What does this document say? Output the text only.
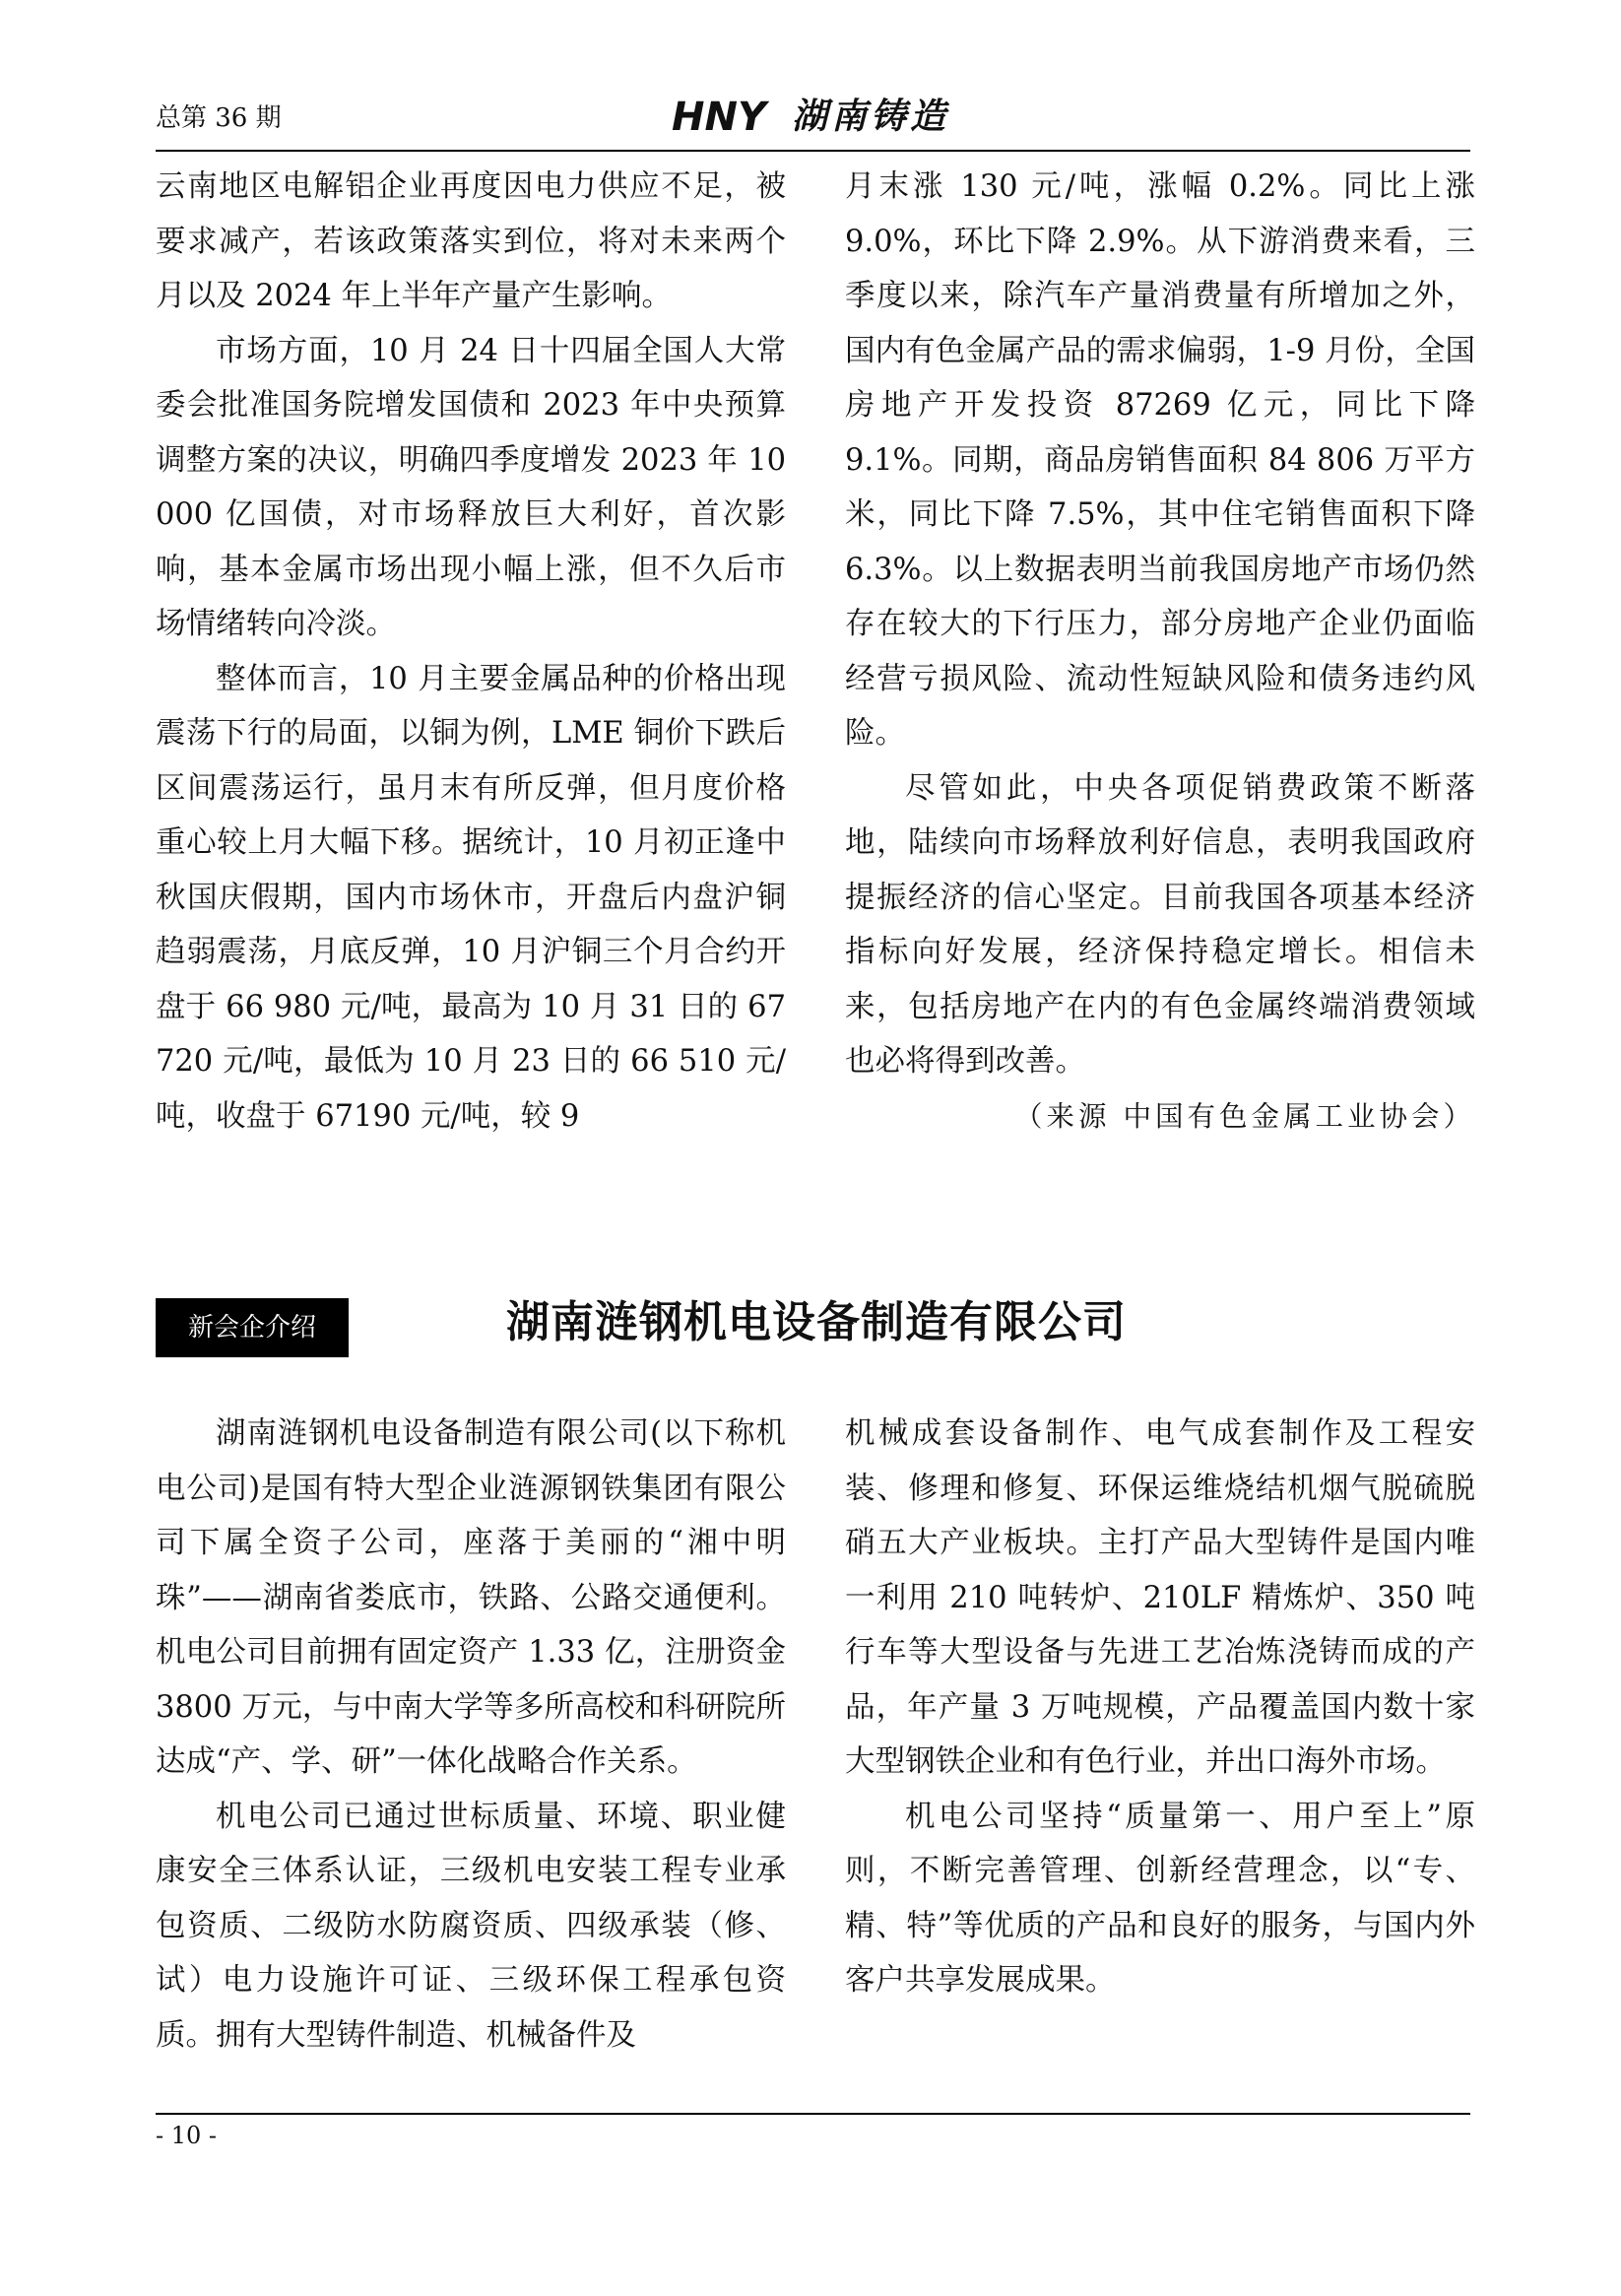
总第 36 期	HNY 湖南铸造

云南地区电解铝企业再度因电力供应不足，被要求减产，若该政策落实到位，将对未来两个月以及 2024 年上半年产量产生影响。

市场方面，10 月 24 日十四届全国人大常委会批准国务院增发国债和 2023 年中央预算调整方案的决议，明确四季度增发 2023 年 10 000 亿国债，对市场释放巨大利好，首次影响，基本金属市场出现小幅上涨，但不久后市场情绪转向冷淡。

整体而言，10 月主要金属品种的价格出现震荡下行的局面，以铜为例，LME 铜价下跌后区间震荡运行，虽月末有所反弹，但月度价格重心较上月大幅下移。据统计，10 月初正逢中秋国庆假期，国内市场休市，开盘后内盘沪铜趋弱震荡，月底反弹，10 月沪铜三个月合约开盘于 66 980 元/吨，最高为 10 月 31 日的 67 720 元/吨，最低为 10 月 23 日的 66 510 元/吨，收盘于 67190 元/吨，较 9

月末涨 130 元/吨，涨幅 0.2%。同比上涨 9.0%，环比下降 2.9%。从下游消费来看，三季度以来，除汽车产量消费量有所增加之外，国内有色金属产品的需求偏弱，1-9 月份，全国房地产开发投资 87269 亿元，同比下降 9.1%。同期，商品房销售面积 84 806 万平方米，同比下降 7.5%，其中住宅销售面积下降 6.3%。以上数据表明当前我国房地产市场仍然存在较大的下行压力，部分房地产企业仍面临经营亏损风险、流动性短缺风险和债务违约风险。

尽管如此，中央各项促销费政策不断落地，陆续向市场释放利好信息，表明我国政府提振经济的信心坚定。目前我国各项基本经济指标向好发展，经济保持稳定增长。相信未来，包括房地产在内的有色金属终端消费领域也必将得到改善。

（来源 中国有色金属工业协会）
新会企介绍	湖南涟钢机电设备制造有限公司

湖南涟钢机电设备制造有限公司(以下称机电公司)是国有特大型企业涟源钢铁集团有限公司下属全资子公司，座落于美丽的“湘中明珠”——湖南省娄底市，铁路、公路交通便利。机电公司目前拥有固定资产 1.33 亿，注册资金 3800 万元，与中南大学等多所高校和科研院所达成“产、学、研”一体化战略合作关系。

机电公司已通过世标质量、环境、职业健康安全三体系认证，三级机电安装工程专业承包资质、二级防水防腐资质、四级承装（修、试）电力设施许可证、三级环保工程承包资质。拥有大型铸件制造、机械备件及

机械成套设备制作、电气成套制作及工程安装、修理和修复、环保运维烧结机烟气脱硫脱硝五大产业板块。主打产品大型铸件是国内唯一利用 210 吨转炉、210LF 精炼炉、350 吨行车等大型设备与先进工艺冶炼浇铸而成的产品，年产量 3 万吨规模，产品覆盖国内数十家大型钢铁企业和有色行业，并出口海外市场。

机电公司坚持“质量第一、用户至上”原则，不断完善管理、创新经营理念，以“专、精、特”等优质的产品和良好的服务，与国内外客户共享发展成果。

- 10 -
